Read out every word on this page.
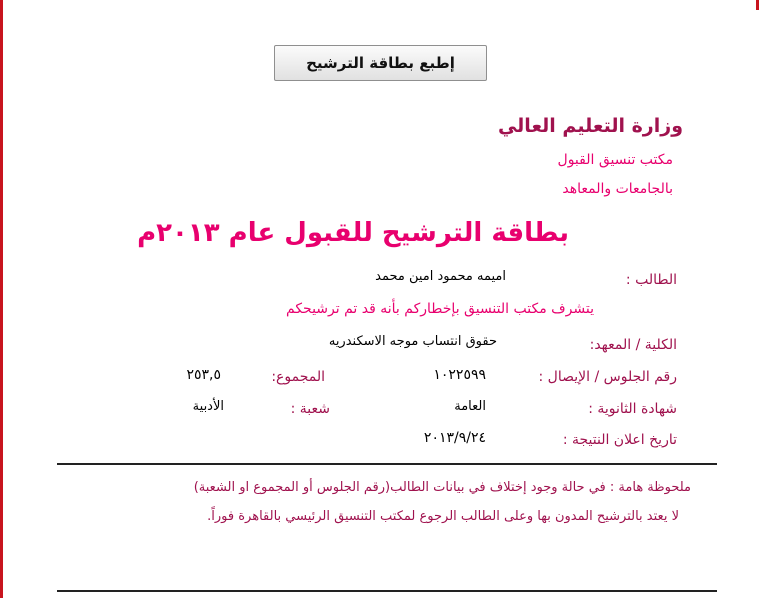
إطبع بطاقة الترشيح
وزارة التعليم العالي
مكتب تنسيق القبول
بالجامعات والمعاهد
بطاقة الترشيح للقبول عام ٢٠١٣م
الطالب :
اميمه محمود امين محمد
يتشرف مكتب التنسيق بإخطاركم بأنه قد تم ترشيحكم
الكلية / المعهد:
حقوق انتساب موجه الاسكندريه
رقم الجلوس / الإيصال :
١٠٢٢٥٩٩
المجموع:
٢٥٣,٥
شهادة الثانوية :
العامة
شعبة :
الأدبية
تاريخ اعلان النتيجة :
٢٠١٣/٩/٢٤
ملحوظة هامة : في حالة وجود إختلاف في بيانات الطالب(رقم الجلوس أو المجموع او الشعبة)
لا يعتد بالترشيح المدون بها وعلى الطالب الرجوع لمكتب التنسيق الرئيسي بالقاهرة فوراً.
